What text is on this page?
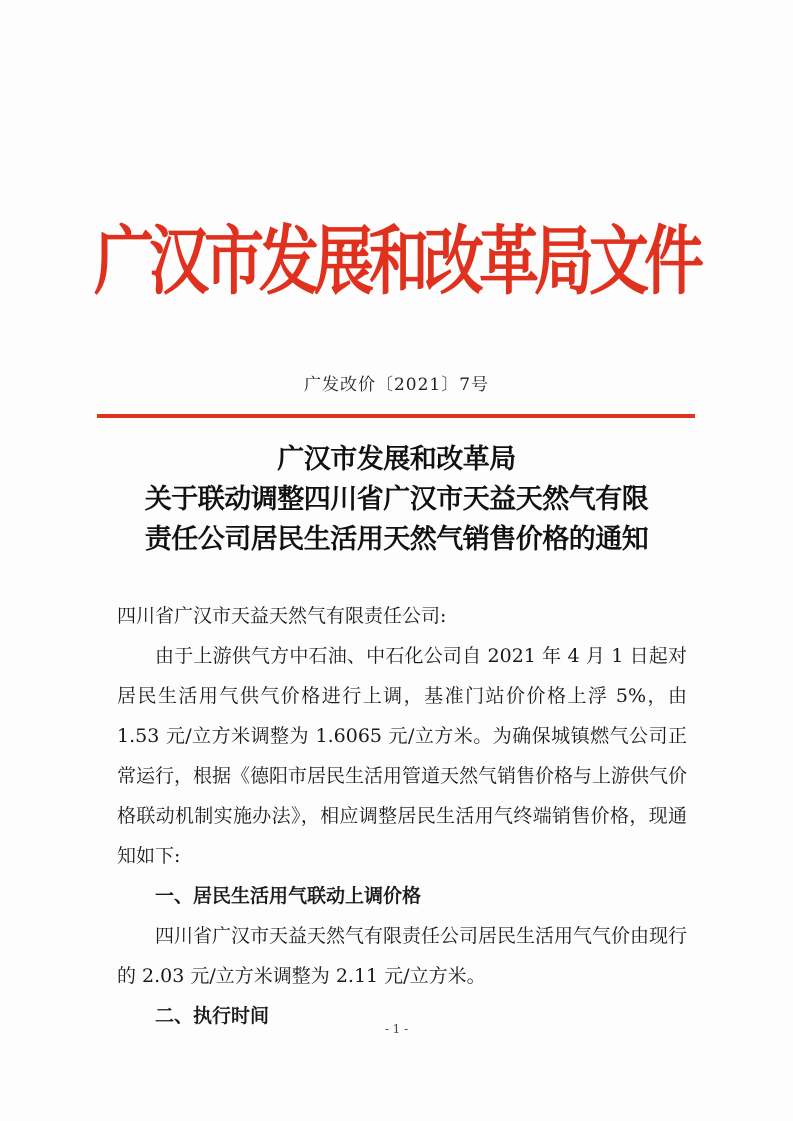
广汉市发展和改革局文件
广发改价〔2021〕7号
广汉市发展和改革局
关于联动调整四川省广汉市天益天然气有限
责任公司居民生活用天然气销售价格的通知

四川省广汉市天益天然气有限责任公司:

由于上游供气方中石油、中石化公司自 2021 年 4 月 1 日起对居民生活用气供气价格进行上调，基准门站价价格上浮 5%，由 1.53 元/立方米调整为 1.6065 元/立方米。为确保城镇燃气公司正常运行，根据《德阳市居民生活用管道天然气销售价格与上游供气价格联动机制实施办法》，相应调整居民生活用气终端销售价格，现通知如下:

一、居民生活用气联动上调价格

四川省广汉市天益天然气有限责任公司居民生活用气气价由现行的 2.03 元/立方米调整为 2.11 元/立方米。

二、执行时间

- 1 -
